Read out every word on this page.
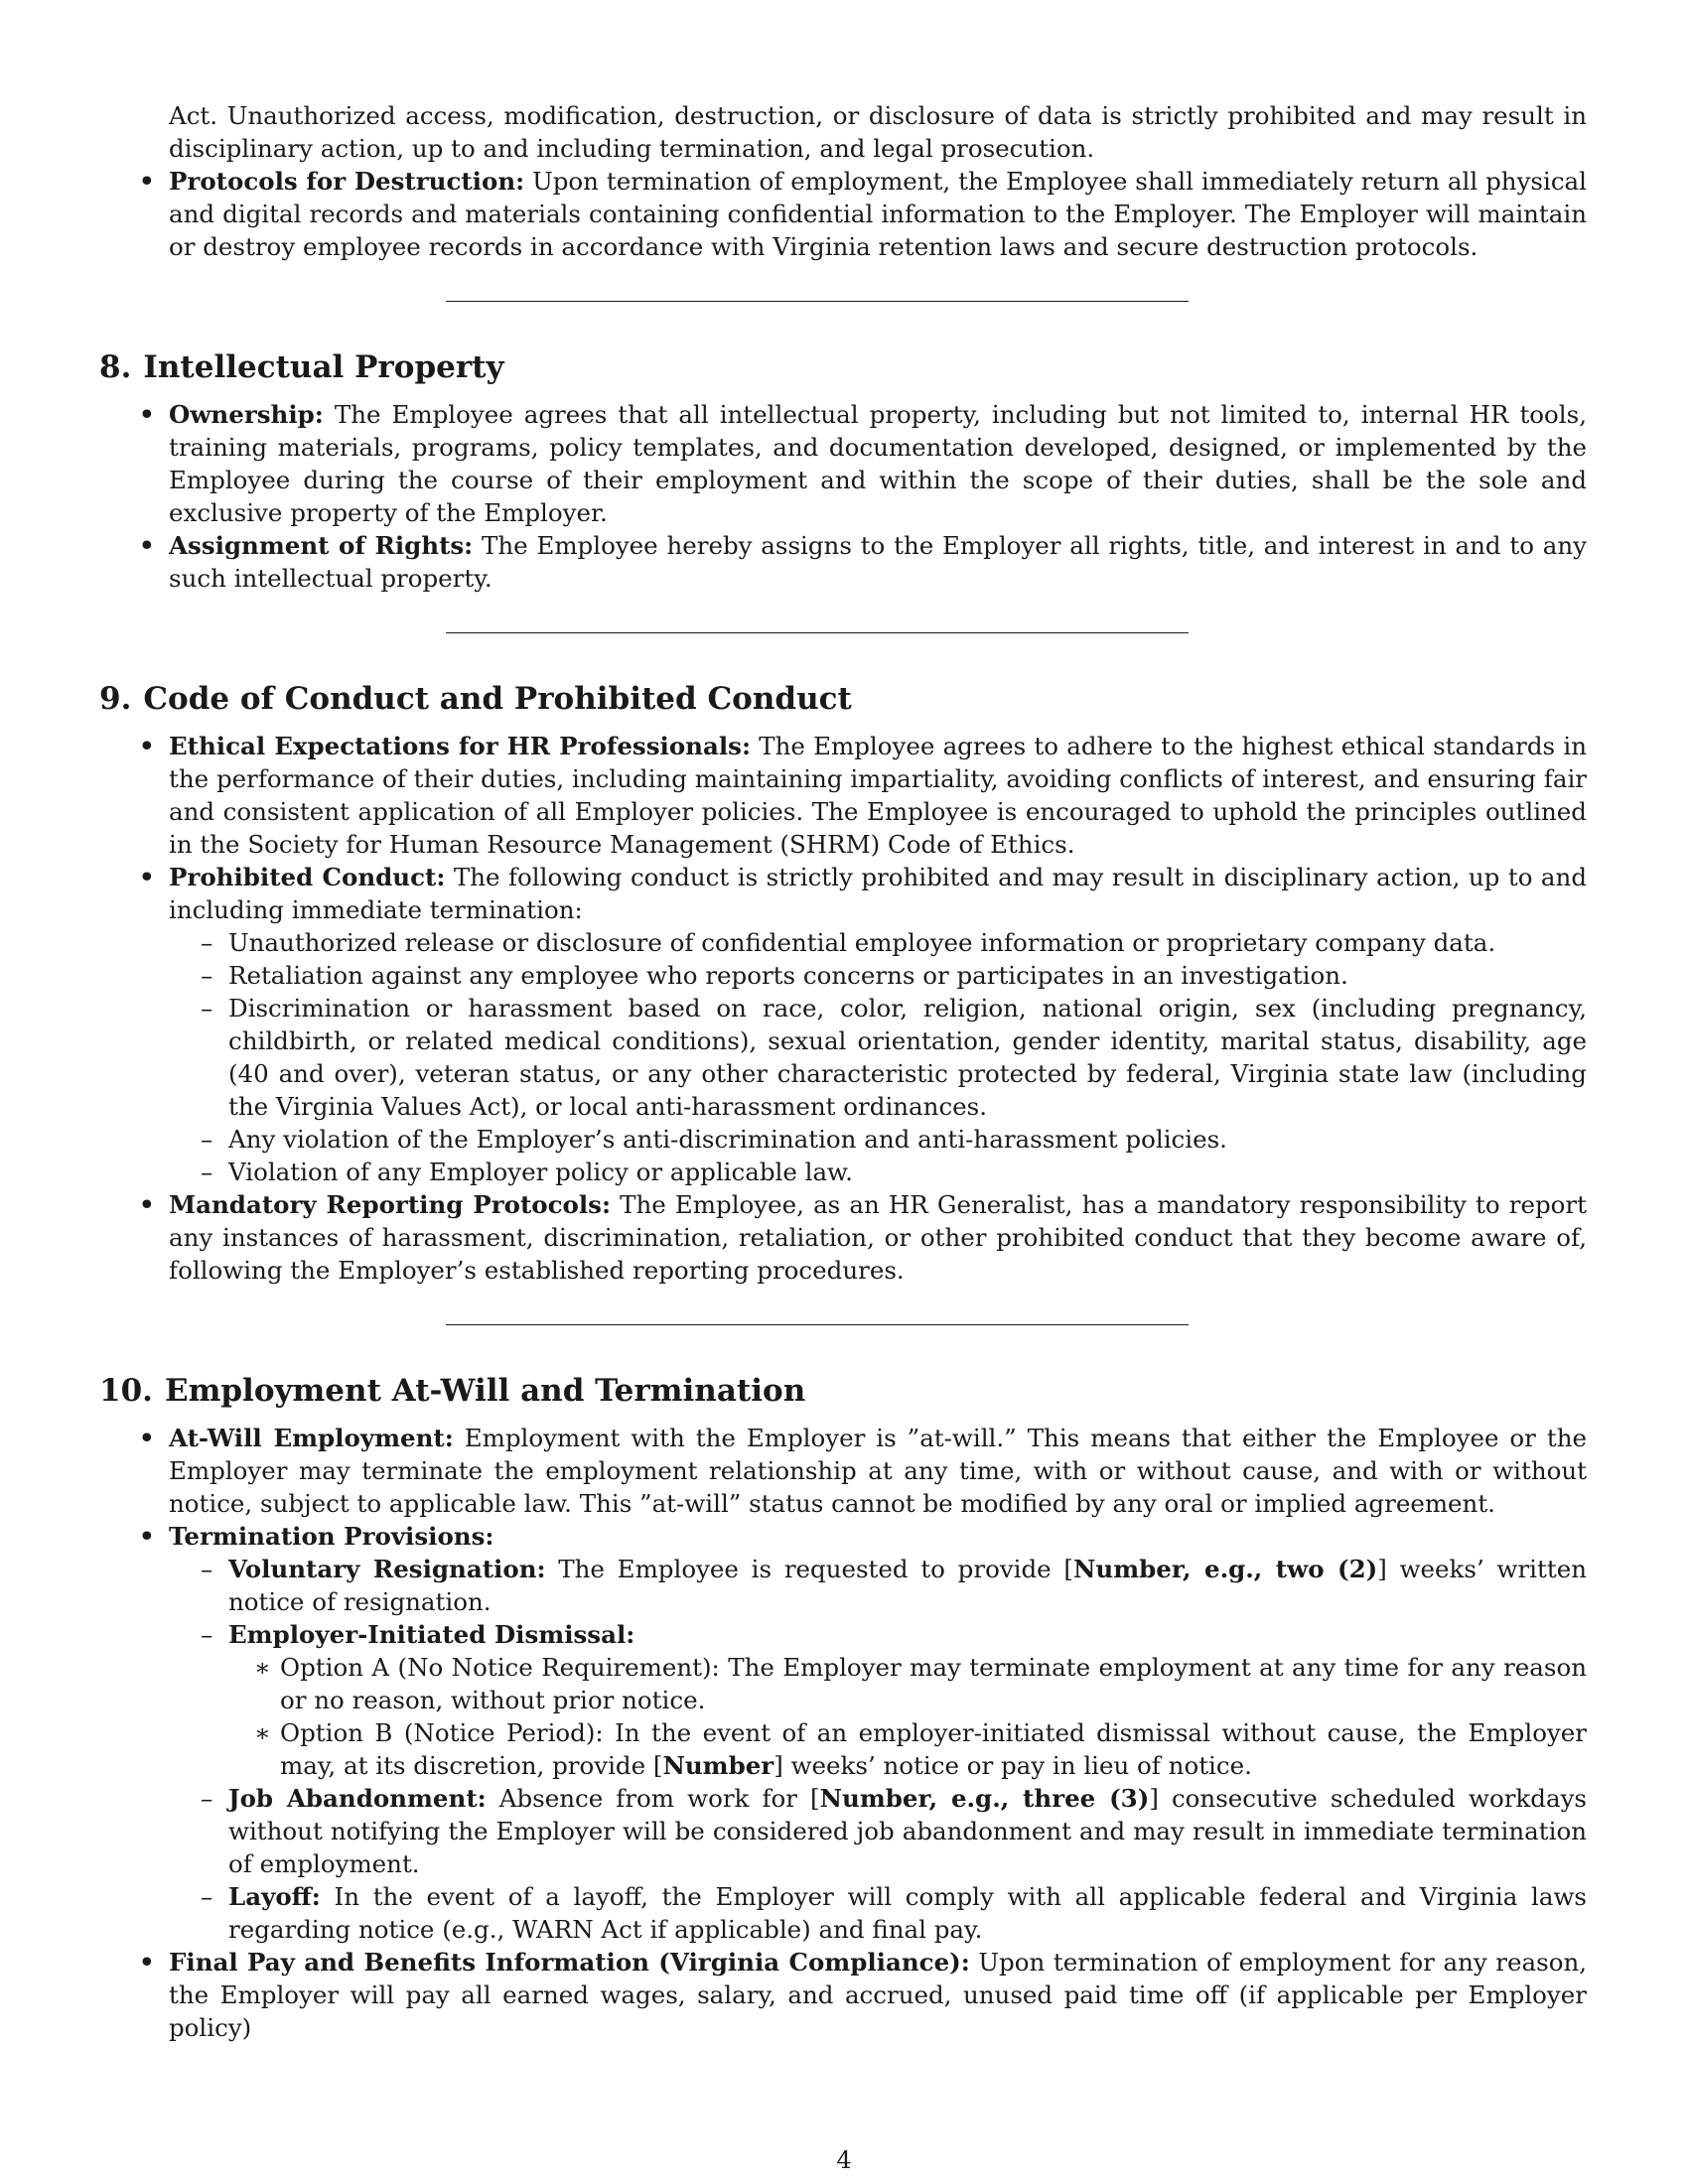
Act. Unauthorized access, modification, destruction, or disclosure of data is strictly prohibited and may result in disciplinary action, up to and including termination, and legal prosecution.

• Protocols for Destruction: Upon termination of employment, the Employee shall immediately return all physical and digital records and materials containing confidential information to the Employer. The Employer will maintain or destroy employee records in accordance with Virginia retention laws and secure destruction protocols.
8. Intellectual Property
• Ownership: The Employee agrees that all intellectual property, including but not limited to, internal HR tools, training materials, programs, policy templates, and documentation developed, designed, or implemented by the Employee during the course of their employment and within the scope of their duties, shall be the sole and exclusive property of the Employer.
• Assignment of Rights: The Employee hereby assigns to the Employer all rights, title, and interest in and to any such intellectual property.
9. Code of Conduct and Prohibited Conduct
• Ethical Expectations for HR Professionals: The Employee agrees to adhere to the highest ethical standards in the performance of their duties, including maintaining impartiality, avoiding conflicts of interest, and ensuring fair and consistent application of all Employer policies. The Employee is encouraged to uphold the principles outlined in the Society for Human Resource Management (SHRM) Code of Ethics.
• Prohibited Conduct: The following conduct is strictly prohibited and may result in disciplinary action, up to and including immediate termination:
– Unauthorized release or disclosure of confidential employee information or proprietary company data.
– Retaliation against any employee who reports concerns or participates in an investigation.
– Discrimination or harassment based on race, color, religion, national origin, sex (including pregnancy, childbirth, or related medical conditions), sexual orientation, gender identity, marital status, disability, age (40 and over), veteran status, or any other characteristic protected by federal, Virginia state law (including the Virginia Values Act), or local anti-harassment ordinances.
– Any violation of the Employer’s anti-discrimination and anti-harassment policies.
– Violation of any Employer policy or applicable law.
• Mandatory Reporting Protocols: The Employee, as an HR Generalist, has a mandatory responsibility to report any instances of harassment, discrimination, retaliation, or other prohibited conduct that they become aware of, following the Employer’s established reporting procedures.
10. Employment At-Will and Termination
• At-Will Employment: Employment with the Employer is ”at-will.” This means that either the Employee or the Employer may terminate the employment relationship at any time, with or without cause, and with or without notice, subject to applicable law. This ”at-will” status cannot be modified by any oral or implied agreement.
• Termination Provisions:
– Voluntary Resignation: The Employee is requested to provide [Number, e.g., two (2)] weeks’ written notice of resignation.
– Employer-Initiated Dismissal:
∗ Option A (No Notice Requirement): The Employer may terminate employment at any time for any reason or no reason, without prior notice.
∗ Option B (Notice Period): In the event of an employer-initiated dismissal without cause, the Employer may, at its discretion, provide [Number] weeks’ notice or pay in lieu of notice.
– Job Abandonment: Absence from work for [Number, e.g., three (3)] consecutive scheduled workdays without notifying the Employer will be considered job abandonment and may result in immediate termination of employment.
– Layoff: In the event of a layoff, the Employer will comply with all applicable federal and Virginia laws regarding notice (e.g., WARN Act if applicable) and final pay.
• Final Pay and Benefits Information (Virginia Compliance): Upon termination of employment for any reason, the Employer will pay all earned wages, salary, and accrued, unused paid time off (if applicable per Employer policy)
4
